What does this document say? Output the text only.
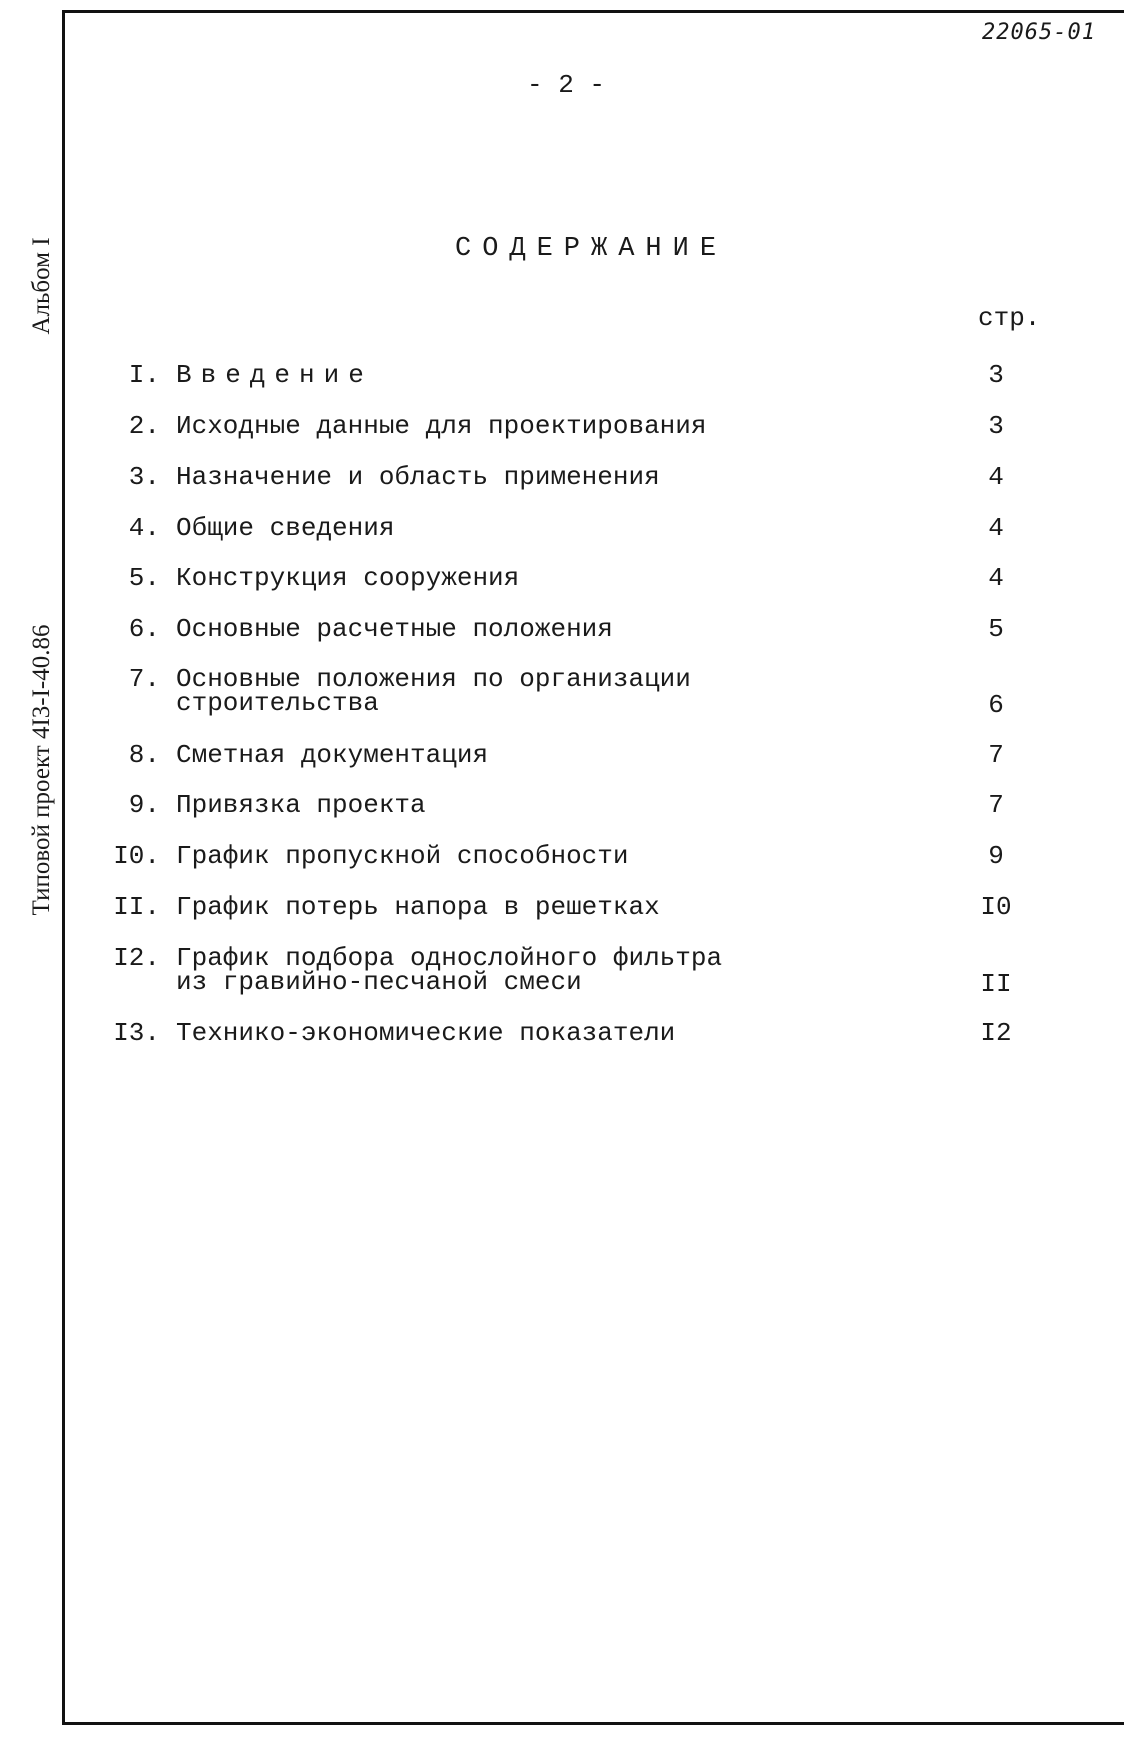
22065-01
- 2 -
Альбом I
Типовой проект 4I3-I-40.86
СОДЕРЖАНИЕ
стр.
I. Введение	3
2. Исходные данные для проектирования	3
3. Назначение и область применения	4
4. Общие сведения	4
5. Конструкция сооружения	4
6. Основные расчетные положения	5
7. Основные положения по организации
строительства	6
8. Сметная документация	7
9. Привязка проекта	7
I0. График пропускной способности	9
II. График потерь напора в решетках	I0
I2. График подбора однослойного фильтра
из гравийно-песчаной смеси	II
I3. Технико-экономические показатели	I2
